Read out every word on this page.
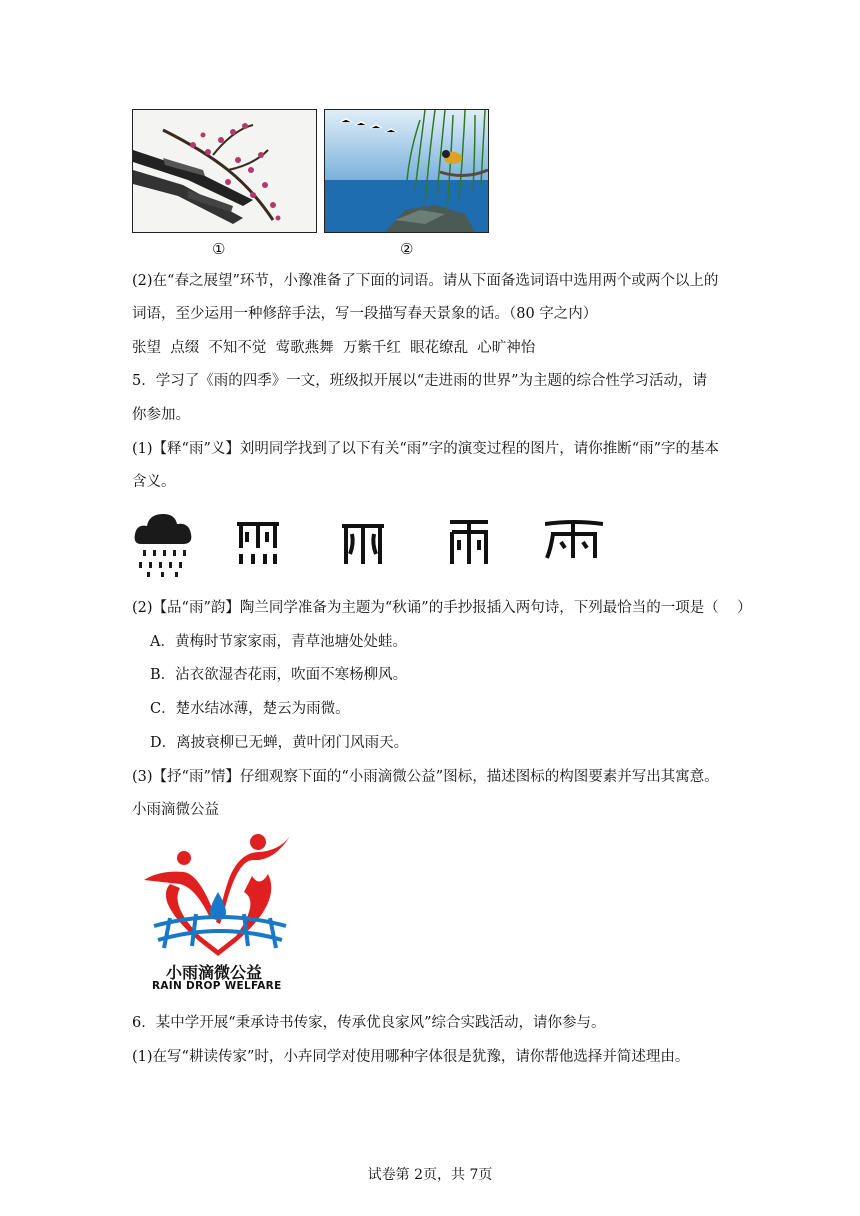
①	②
(2)在“春之展望”环节，小豫准备了下面的词语。请从下面备选词语中选用两个或两个以上的
词语，至少运用一种修辞手法，写一段描写春天景象的话。（80 字之内）
张望  点缀  不知不觉  莺歌燕舞  万紫千红  眼花缭乱  心旷神怡
5．学习了《雨的四季》一文，班级拟开展以“走进雨的世界”为主题的综合性学习活动，请
你参加。
(1)【释“雨”义】刘明同学找到了以下有关“雨”字的演变过程的图片，请你推断“雨”字的基本
含义。
(2)【品“雨”韵】陶兰同学准备为主题为“秋诵”的手抄报插入两句诗，下列最恰当的一项是（    ）
A．黄梅时节家家雨，青草池塘处处蛙。
B．沾衣欲湿杏花雨，吹面不寒杨柳风。
C．楚水结冰薄，楚云为雨微。
D．离披衰柳已无蝉，黄叶闭门风雨天。
(3)【抒“雨”情】仔细观察下面的“小雨滴微公益”图标，描述图标的构图要素并写出其寓意。
小雨滴微公益
小雨滴微公益
RAIN DROP WELFARE
6．某中学开展“秉承诗书传家，传承优良家风”综合实践活动，请你参与。
(1)在写“耕读传家”时，小卉同学对使用哪种字体很是犹豫，请你帮他选择并简述理由。
试卷第 2页，共 7页
